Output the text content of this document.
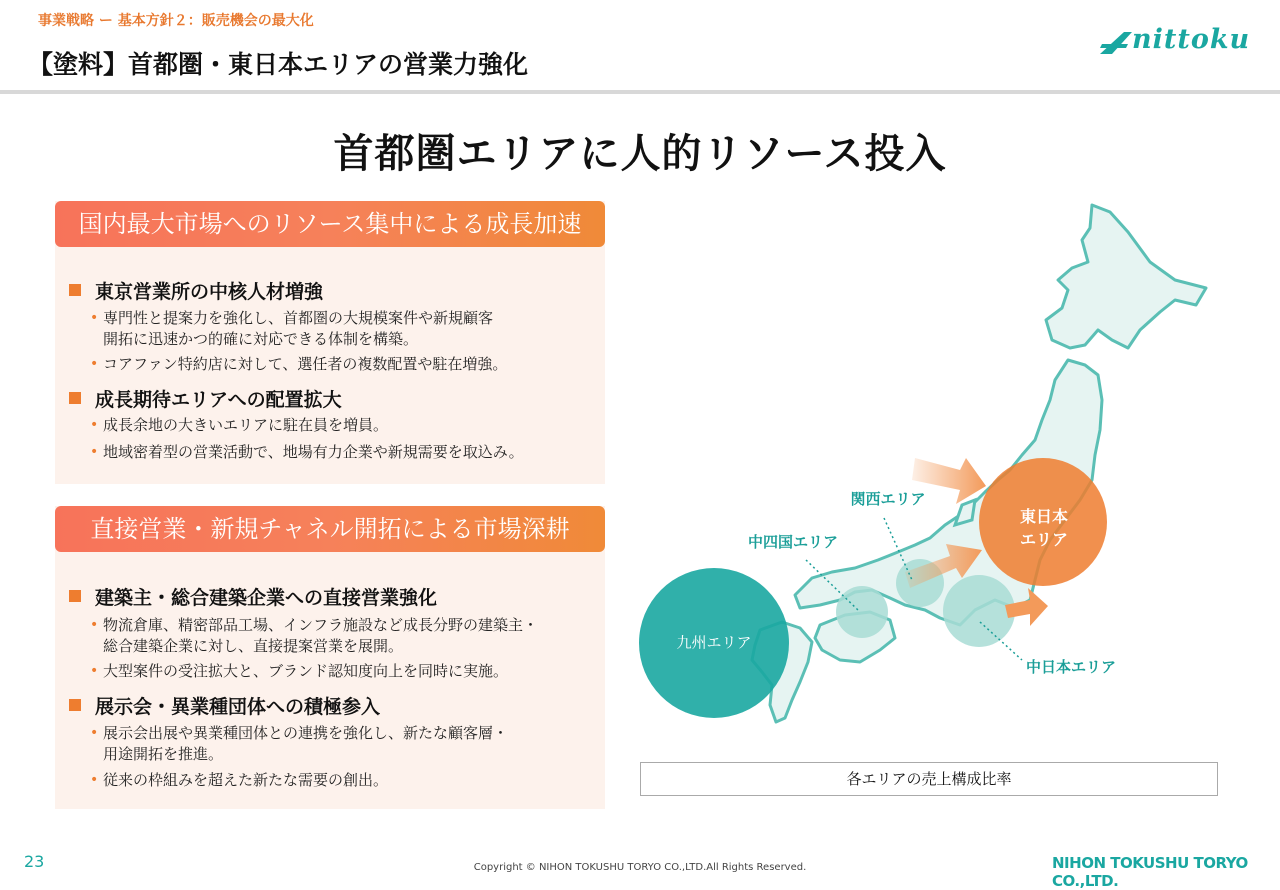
事業戦略 ー 基本方針２：販売機会の最大化
【塗料】首都圏・東日本エリアの営業力強化
nittoku
首都圏エリアに人的リソース投入
国内最大市場へのリソース集中による成長加速
東京営業所の中核人材増強
• 専門性と提案力を強化し、首都圏の大規模案件や新規顧客
開拓に迅速かつ的確に対応できる体制を構築。
• コアファン特約店に対して、選任者の複数配置や駐在増強。
成長期待エリアへの配置拡大
• 成長余地の大きいエリアに駐在員を増員。
• 地域密着型の営業活動で、地場有力企業や新規需要を取込み。
直接営業・新規チャネル開拓による市場深耕
建築主・総合建築企業への直接営業強化
• 物流倉庫、精密部品工場、インフラ施設など成長分野の建築主・
総合建築企業に対し、直接提案営業を展開。
• 大型案件の受注拡大と、ブランド認知度向上を同時に実施。
展示会・異業種団体への積極参入
• 展示会出展や異業種団体との連携を強化し、新たな顧客層・
用途開拓を推進。
• 従来の枠組みを超えた新たな需要の創出。
九州エリア
中四国エリア
関西エリア
東日本
エリア
中日本エリア
各エリアの売上構成比率
23	Copyright © NIHON TOKUSHU TORYO CO.,LTD.All Rights Reserved.	NIHON TOKUSHU TORYO CO.,LTD.
